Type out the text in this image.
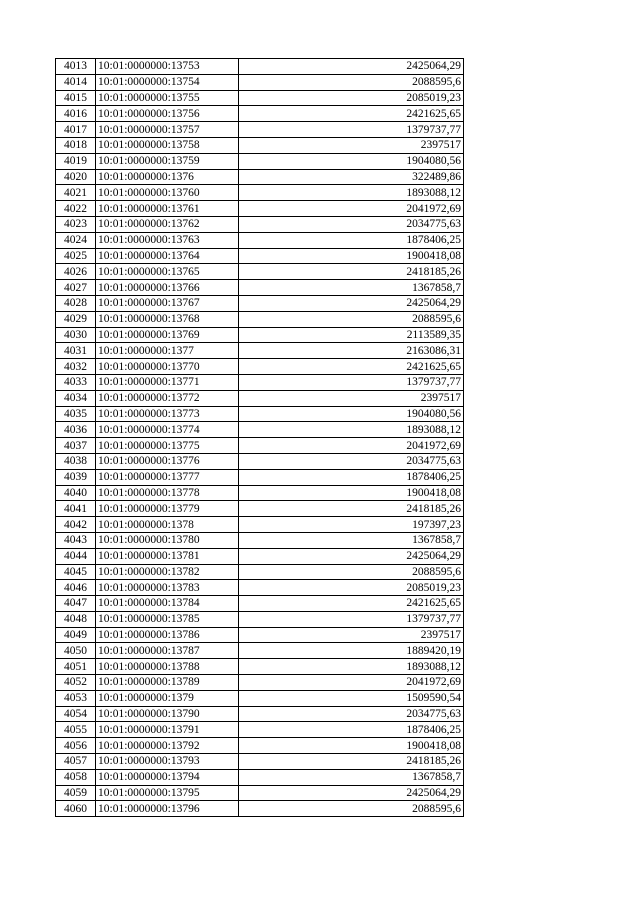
4013	10:01:0000000:13753	2425064,29
4014	10:01:0000000:13754	2088595,6
4015	10:01:0000000:13755	2085019,23
4016	10:01:0000000:13756	2421625,65
4017	10:01:0000000:13757	1379737,77
4018	10:01:0000000:13758	2397517
4019	10:01:0000000:13759	1904080,56
4020	10:01:0000000:1376	322489,86
4021	10:01:0000000:13760	1893088,12
4022	10:01:0000000:13761	2041972,69
4023	10:01:0000000:13762	2034775,63
4024	10:01:0000000:13763	1878406,25
4025	10:01:0000000:13764	1900418,08
4026	10:01:0000000:13765	2418185,26
4027	10:01:0000000:13766	1367858,7
4028	10:01:0000000:13767	2425064,29
4029	10:01:0000000:13768	2088595,6
4030	10:01:0000000:13769	2113589,35
4031	10:01:0000000:1377	2163086,31
4032	10:01:0000000:13770	2421625,65
4033	10:01:0000000:13771	1379737,77
4034	10:01:0000000:13772	2397517
4035	10:01:0000000:13773	1904080,56
4036	10:01:0000000:13774	1893088,12
4037	10:01:0000000:13775	2041972,69
4038	10:01:0000000:13776	2034775,63
4039	10:01:0000000:13777	1878406,25
4040	10:01:0000000:13778	1900418,08
4041	10:01:0000000:13779	2418185,26
4042	10:01:0000000:1378	197397,23
4043	10:01:0000000:13780	1367858,7
4044	10:01:0000000:13781	2425064,29
4045	10:01:0000000:13782	2088595,6
4046	10:01:0000000:13783	2085019,23
4047	10:01:0000000:13784	2421625,65
4048	10:01:0000000:13785	1379737,77
4049	10:01:0000000:13786	2397517
4050	10:01:0000000:13787	1889420,19
4051	10:01:0000000:13788	1893088,12
4052	10:01:0000000:13789	2041972,69
4053	10:01:0000000:1379	1509590,54
4054	10:01:0000000:13790	2034775,63
4055	10:01:0000000:13791	1878406,25
4056	10:01:0000000:13792	1900418,08
4057	10:01:0000000:13793	2418185,26
4058	10:01:0000000:13794	1367858,7
4059	10:01:0000000:13795	2425064,29
4060	10:01:0000000:13796	2088595,6
